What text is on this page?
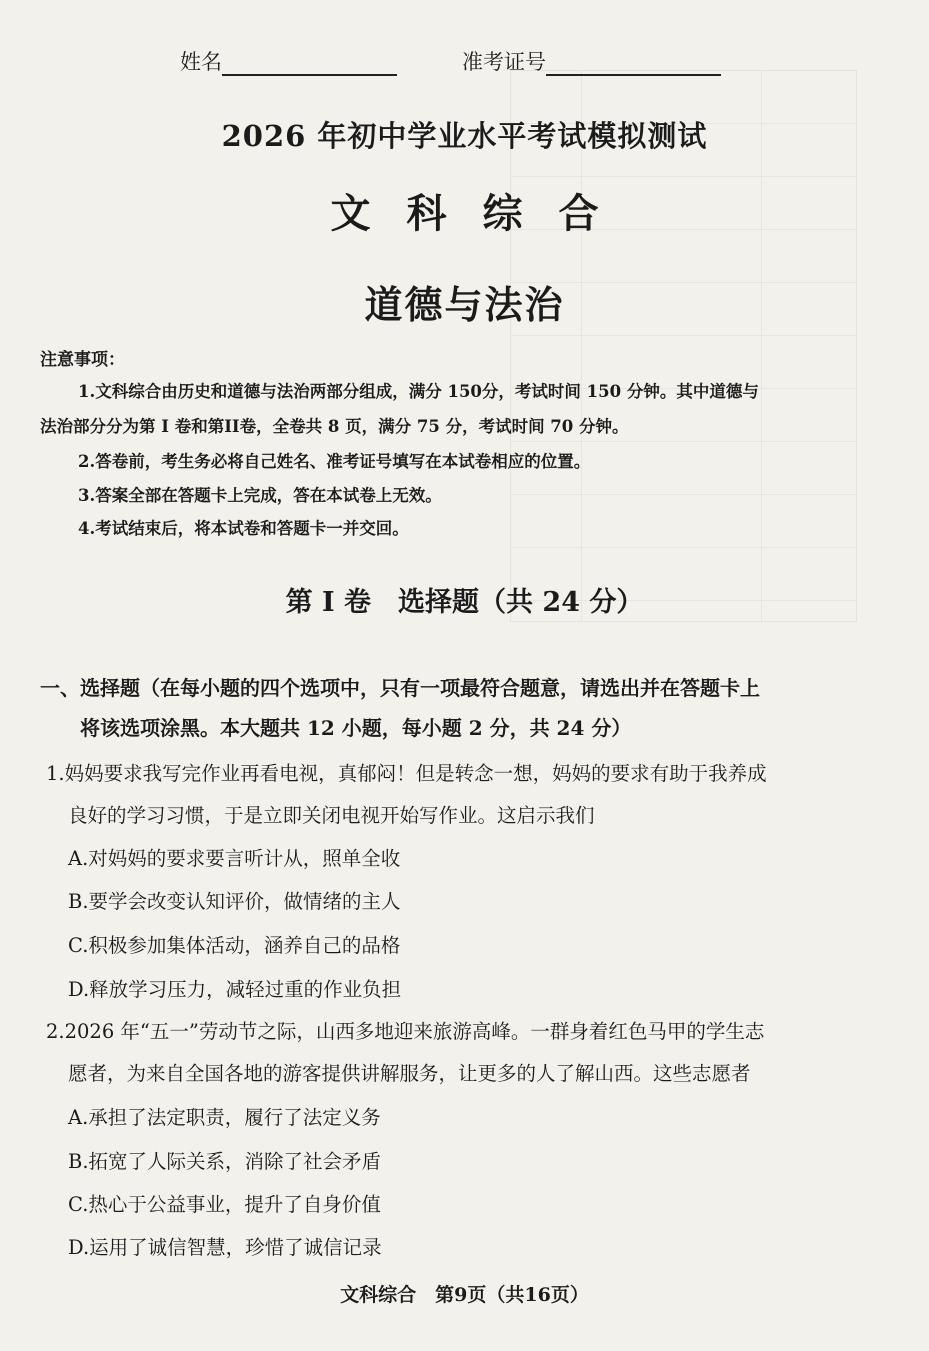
姓名	准考证号
2026 年初中学业水平考试模拟测试
文科综合
道德与法治
注意事项：
1.文科综合由历史和道德与法治两部分组成，满分 150分，考试时间 150 分钟。其中道德与
法治部分分为第 I 卷和第II卷，全卷共 8 页，满分 75 分，考试时间 70 分钟。
2.答卷前，考生务必将自己姓名、准考证号填写在本试卷相应的位置。
3.答案全部在答题卡上完成，答在本试卷上无效。
4.考试结束后，将本试卷和答题卡一并交回。
第 I 卷　选择题（共 24 分）
一、选择题（在每小题的四个选项中，只有一项最符合题意，请选出并在答题卡上
将该选项涂黑。本大题共 12 小题，每小题 2 分，共 24 分）
1.妈妈要求我写完作业再看电视，真郁闷！但是转念一想，妈妈的要求有助于我养成
良好的学习习惯，于是立即关闭电视开始写作业。这启示我们
A.对妈妈的要求要言听计从，照单全收
B.要学会改变认知评价，做情绪的主人
C.积极参加集体活动，涵养自己的品格
D.释放学习压力，减轻过重的作业负担
2.2026 年“五一”劳动节之际，山西多地迎来旅游高峰。一群身着红色马甲的学生志
愿者，为来自全国各地的游客提供讲解服务，让更多的人了解山西。这些志愿者
A.承担了法定职责，履行了法定义务
B.拓宽了人际关系，消除了社会矛盾
C.热心于公益事业，提升了自身价值
D.运用了诚信智慧，珍惜了诚信记录
文科综合　第9页（共16页）
